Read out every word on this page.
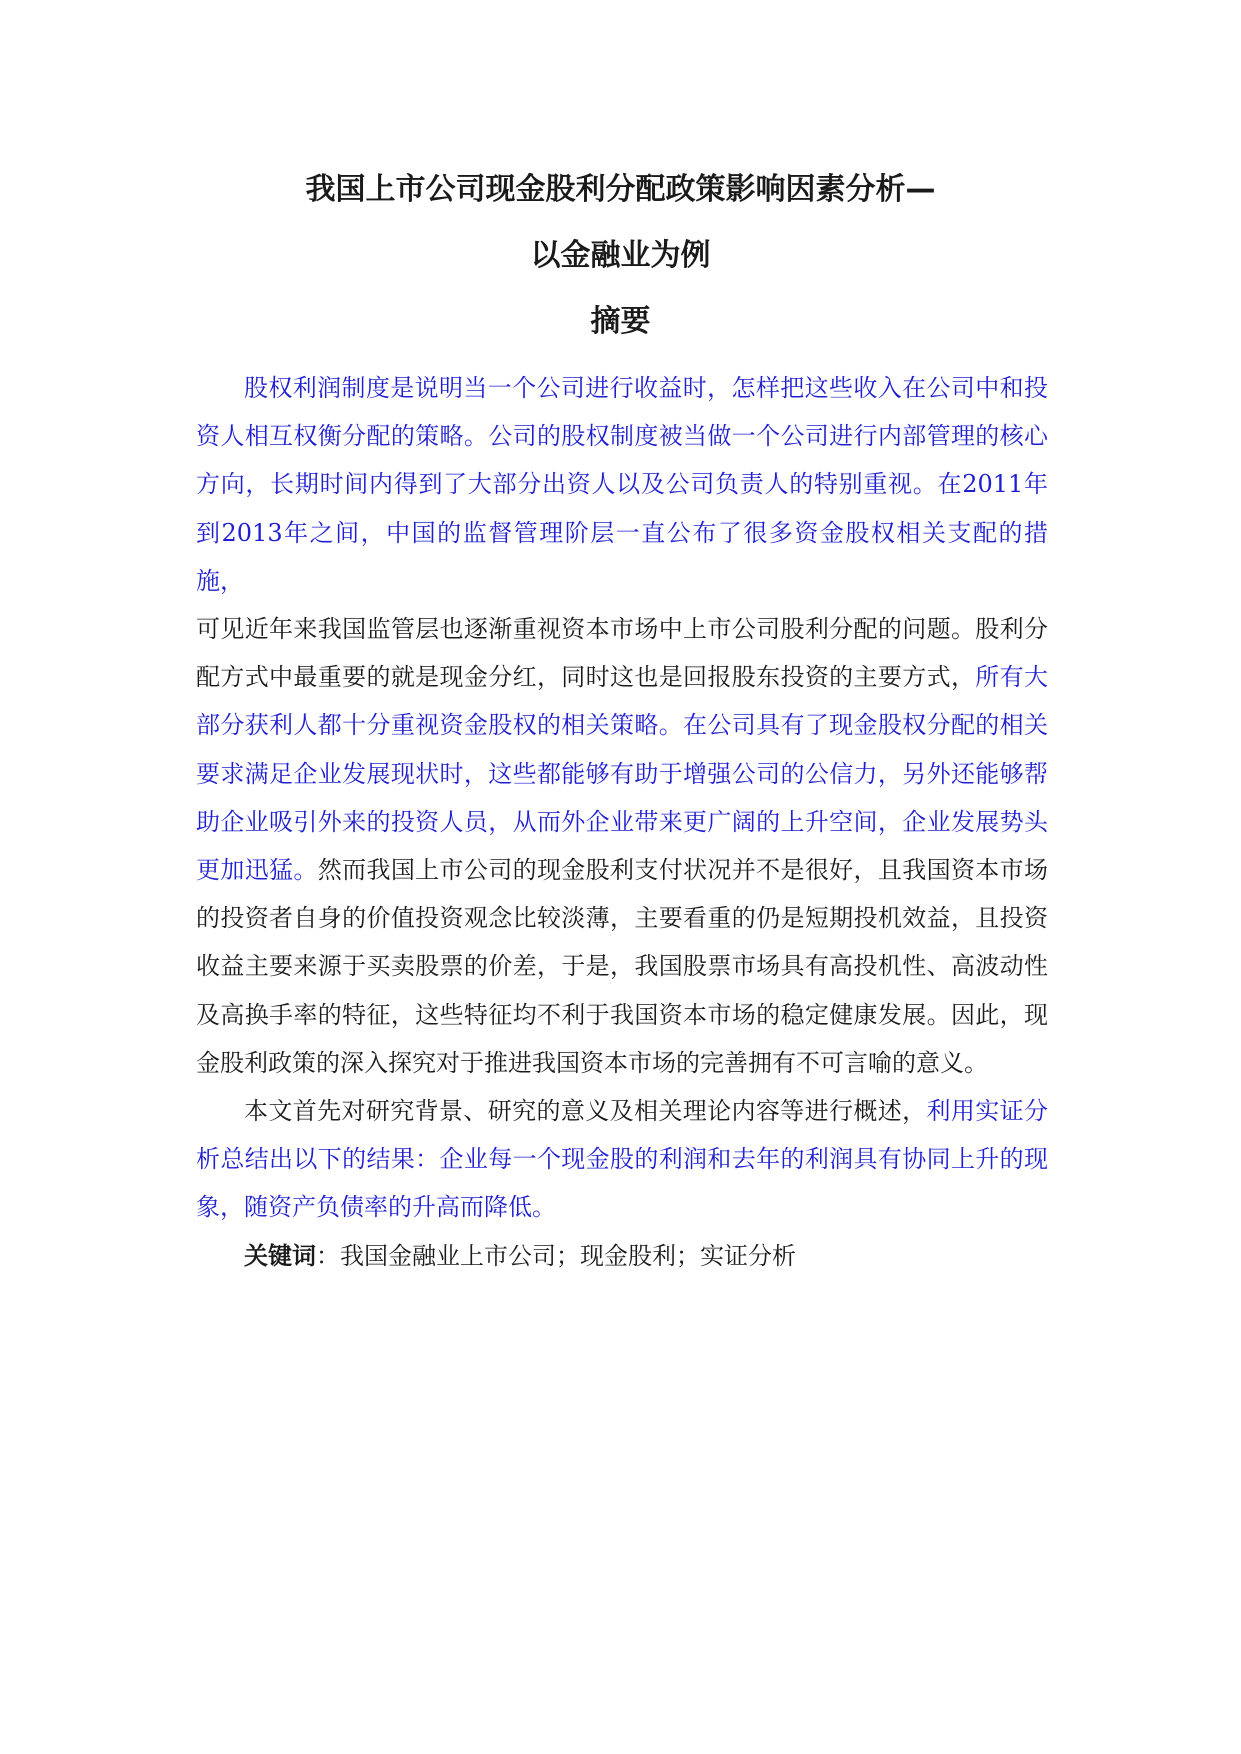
我国上市公司现金股利分配政策影响因素分析—
以金融业为例
摘要

股权利润制度是说明当一个公司进行收益时，怎样把这些收入在公司中和投资人相互权衡分配的策略。公司的股权制度被当做一个公司进行内部管理的核心方向，长期时间内得到了大部分出资人以及公司负责人的特别重视。在2011年到2013年之间，中国的监督管理阶层一直公布了很多资金股权相关支配的措施，

可见近年来我国监管层也逐渐重视资本市场中上市公司股利分配的问题。股利分配方式中最重要的就是现金分红，同时这也是回报股东投资的主要方式，所有大部分获利人都十分重视资金股权的相关策略。在公司具有了现金股权分配的相关要求满足企业发展现状时，这些都能够有助于增强公司的公信力，另外还能够帮助企业吸引外来的投资人员，从而外企业带来更广阔的上升空间，企业发展势头更加迅猛。然而我国上市公司的现金股利支付状况并不是很好，且我国资本市场的投资者自身的价值投资观念比较淡薄，主要看重的仍是短期投机效益，且投资收益主要来源于买卖股票的价差，于是，我国股票市场具有高投机性、高波动性及高换手率的特征，这些特征均不利于我国资本市场的稳定健康发展。因此，现金股利政策的深入探究对于推进我国资本市场的完善拥有不可言喻的意义。

本文首先对研究背景、研究的意义及相关理论内容等进行概述，利用实证分析总结出以下的结果：企业每一个现金股的利润和去年的利润具有协同上升的现象，随资产负债率的升高而降低。

关键词：我国金融业上市公司；现金股利；实证分析
